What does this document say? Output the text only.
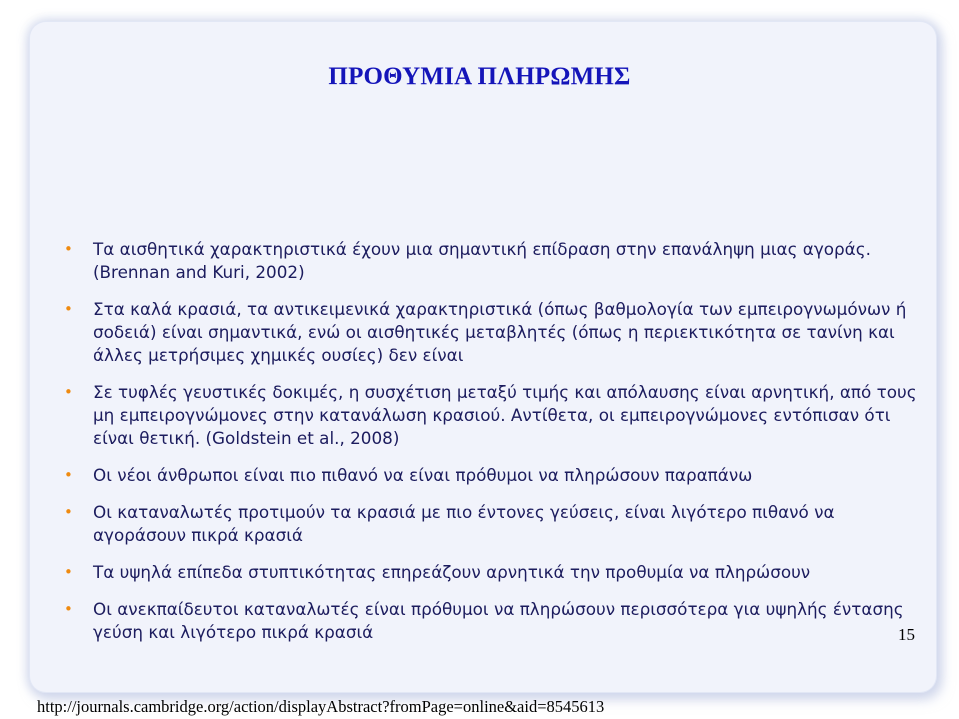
ΠΡΟΘΥΜΙΑ ΠΛΗΡΩΜΗΣ
• Τα αισθητικά χαρακτηριστικά έχουν μια σημαντική επίδραση στην επανάληψη μιας αγοράς. (Brennan and Kuri, 2002)
• Στα καλά κρασιά, τα αντικειμενικά χαρακτηριστικά (όπως βαθμολογία των εμπειρογνωμόνων ή σοδειά) είναι σημαντικά, ενώ οι αισθητικές μεταβλητές (όπως η περιεκτικότητα σε τανίνη και άλλες μετρήσιμες χημικές ουσίες) δεν είναι
• Σε τυφλές γευστικές δοκιμές, η συσχέτιση μεταξύ τιμής και απόλαυσης είναι αρνητική, από τους μη εμπειρογνώμονες στην κατανάλωση κρασιού. Αντίθετα, οι εμπειρογνώμονες εντόπισαν ότι είναι θετική. (Goldstein et al., 2008)
• Οι νέοι άνθρωποι είναι πιο πιθανό να είναι πρόθυμοι να πληρώσουν παραπάνω
• Οι καταναλωτές προτιμούν τα κρασιά με πιο έντονες γεύσεις, είναι λιγότερο πιθανό να αγοράσουν πικρά κρασιά
• Τα υψηλά επίπεδα στυπτικότητας επηρεάζουν αρνητικά την προθυμία να πληρώσουν
• Οι ανεκπαίδευτοι καταναλωτές είναι πρόθυμοι να πληρώσουν περισσότερα για υψηλής έντασης γεύση και λιγότερο πικρά κρασιά	15
http://journals.cambridge.org/action/displayAbstract?fromPage=online&aid=8545613
